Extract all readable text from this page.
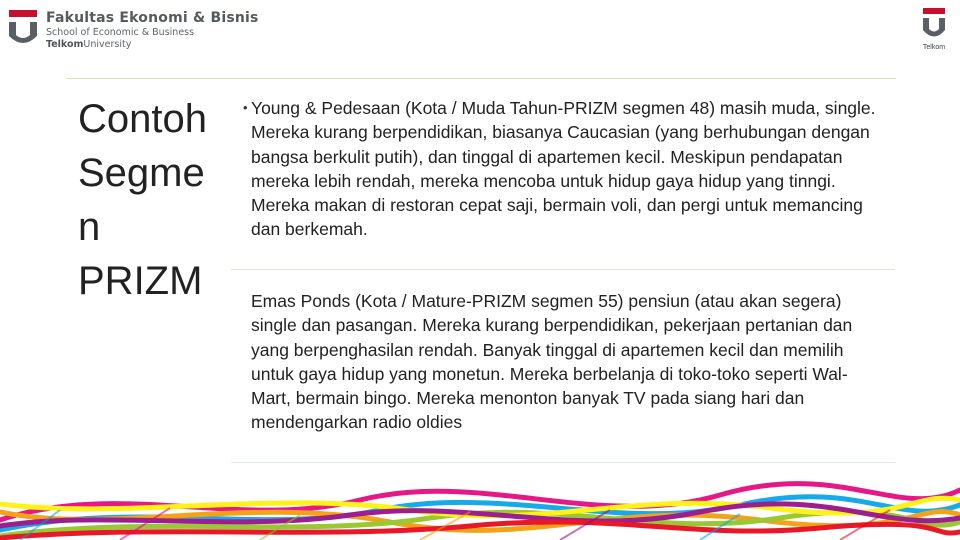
Fakultas Ekonomi & Bisnis
School of Economic & Business
TelkomUniversity	Telkom
Contoh Segme n PRIZM

• Young & Pedesaan (Kota / Muda Tahun-PRIZM segmen 48) masih muda, single. Mereka kurang berpendidikan, biasanya Caucasian (yang berhubungan dengan bangsa berkulit putih), dan tinggal di apartemen kecil. Meskipun pendapatan mereka lebih rendah, mereka mencoba untuk hidup gaya hidup yang tinngi. Mereka makan di restoran cepat saji, bermain voli, dan pergi untuk memancing dan berkemah.

Emas Ponds (Kota / Mature-PRIZM segmen 55) pensiun (atau akan segera) single dan pasangan. Mereka kurang berpendidikan, pekerjaan pertanian dan yang berpenghasilan rendah. Banyak tinggal di apartemen kecil dan memilih untuk gaya hidup yang monetun. Mereka berbelanja di toko-toko seperti Wal-Mart, bermain bingo. Mereka menonton banyak TV pada siang hari dan mendengarkan radio oldies
